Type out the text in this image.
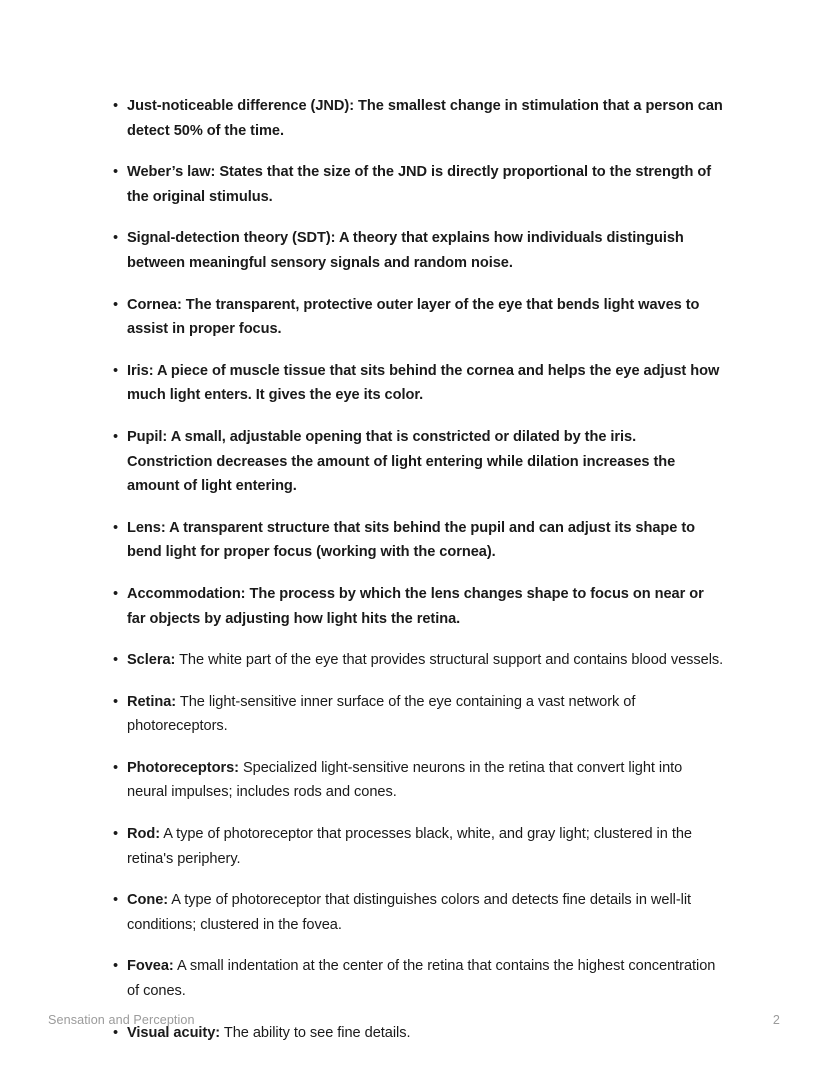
• Just-noticeable difference (JND): The smallest change in stimulation that a person can detect 50% of the time.
• Weber’s law: States that the size of the JND is directly proportional to the strength of the original stimulus.
• Signal-detection theory (SDT): A theory that explains how individuals distinguish between meaningful sensory signals and random noise.
• Cornea: The transparent, protective outer layer of the eye that bends light waves to assist in proper focus.
• Iris: A piece of muscle tissue that sits behind the cornea and helps the eye adjust how much light enters. It gives the eye its color.
• Pupil: A small, adjustable opening that is constricted or dilated by the iris. Constriction decreases the amount of light entering while dilation increases the amount of light entering.
• Lens: A transparent structure that sits behind the pupil and can adjust its shape to bend light for proper focus (working with the cornea).
• Accommodation: The process by which the lens changes shape to focus on near or far objects by adjusting how light hits the retina.
• Sclera: The white part of the eye that provides structural support and contains blood vessels.
• Retina: The light-sensitive inner surface of the eye containing a vast network of photoreceptors.
• Photoreceptors: Specialized light-sensitive neurons in the retina that convert light into neural impulses; includes rods and cones.
• Rod: A type of photoreceptor that processes black, white, and gray light; clustered in the retina's periphery.
• Cone: A type of photoreceptor that distinguishes colors and detects fine details in well-lit conditions; clustered in the fovea.
• Fovea: A small indentation at the center of the retina that contains the highest concentration of cones.
• Visual acuity: The ability to see fine details.
Sensation and Perception	2
